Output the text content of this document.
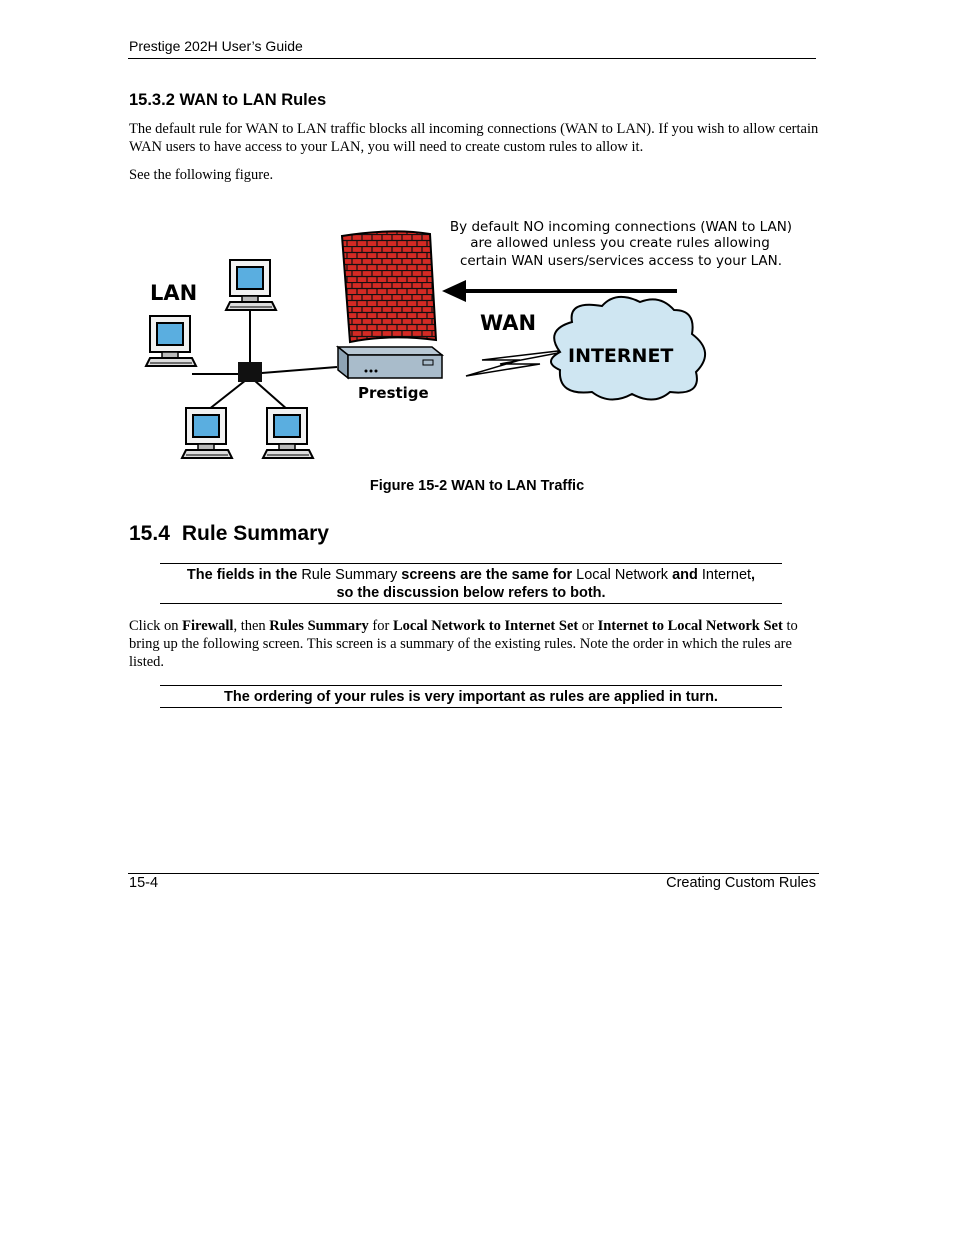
Prestige 202H User’s Guide
15.3.2 WAN to LAN Rules
The default rule for WAN to LAN traffic blocks all incoming connections (WAN to LAN). If you wish to allow certain WAN users to have access to your LAN, you will need to create custom rules to allow it.
See the following figure.
LAN
Prestige
WAN
INTERNET
By default NO incoming connections (WAN to LAN)
are allowed unless you create rules allowing
certain WAN users/services access to your LAN.
Figure 15-2 WAN to LAN Traffic
15.4 Rule Summary
The fields in the Rule Summary screens are the same for Local Network and Internet,
so the discussion below refers to both.
Click on Firewall, then Rules Summary for Local Network to Internet Set or Internet to Local Network Set to bring up the following screen. This screen is a summary of the existing rules. Note the order in which the rules are listed.
The ordering of your rules is very important as rules are applied in turn.
15-4	Creating Custom Rules
